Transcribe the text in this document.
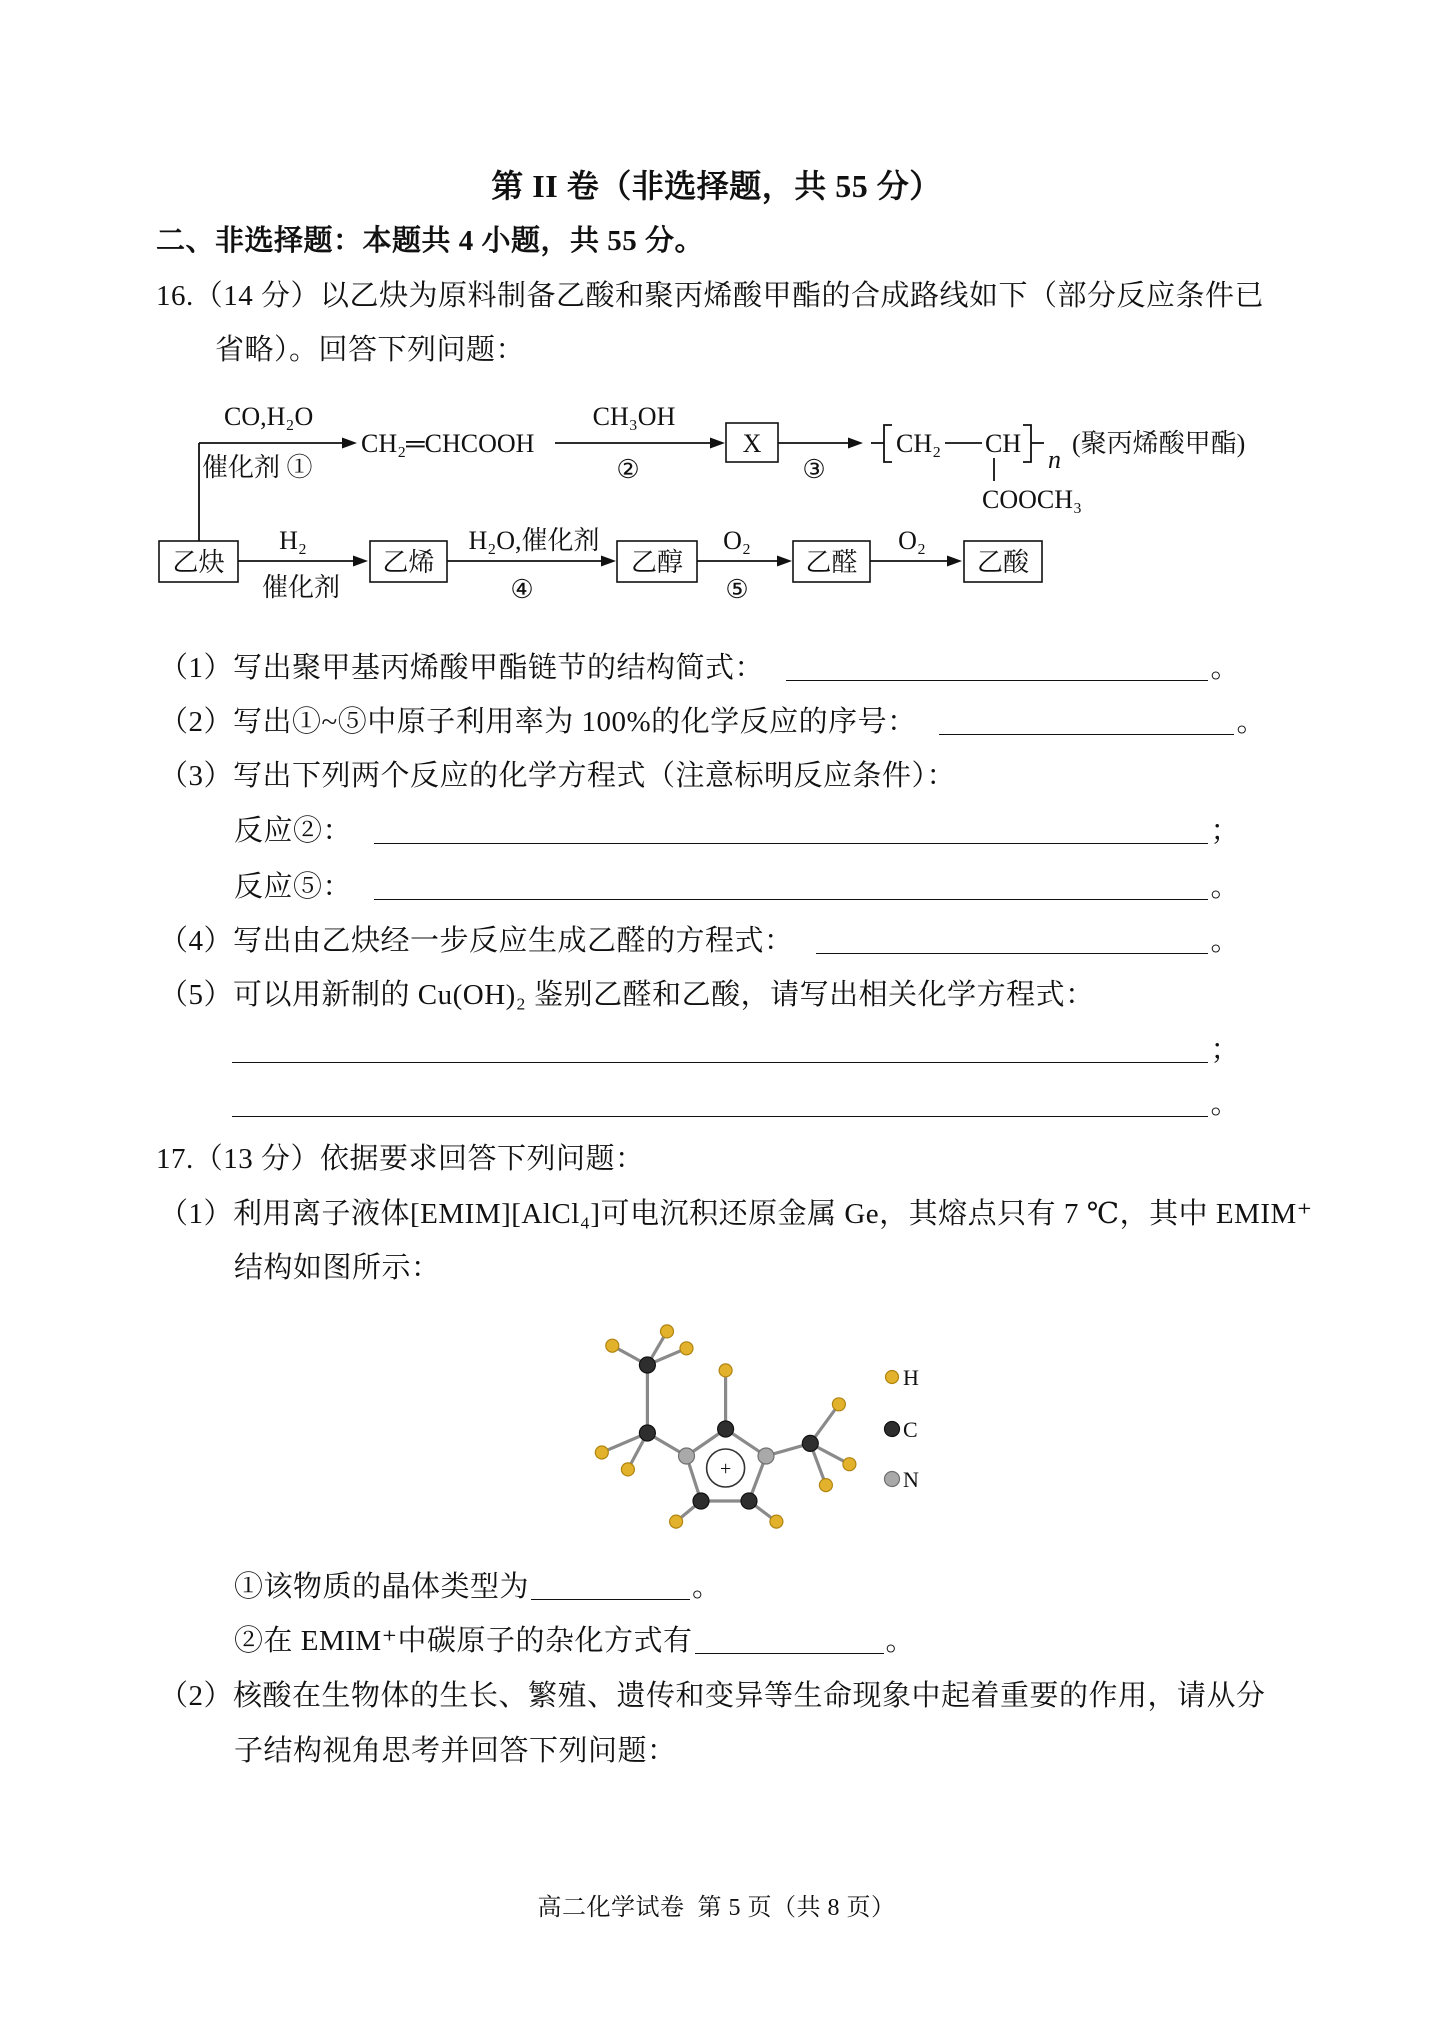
第 II 卷（非选择题，共 55 分）
二、非选择题：本题共 4 小题，共 55 分。
16.（14 分）以乙炔为原料制备乙酸和聚丙烯酸甲酯的合成路线如下（部分反应条件已
省略）。回答下列问题：
CO,H₂O
催化剂 ①
CH₂═CHCOOH
CH₃OH
②
X
③
CH₂ CH
n
COOCH₃
(聚丙烯酸甲酯)
乙炔
H₂
催化剂
乙烯
H₂O,催化剂
④
乙醇
O₂
⑤
乙醛
O₂
乙酸
（1）写出聚甲基丙烯酸甲酯链节的结构简式：	。
（2）写出①~⑤中原子利用率为 100%的化学反应的序号：	。
（3）写出下列两个反应的化学方程式（注意标明反应条件）：
反应②：	；
反应⑤：	。
（4）写出由乙炔经一步反应生成乙醛的方程式：	。
（5）可以用新制的 Cu(OH)₂ 鉴别乙醛和乙酸，请写出相关化学方程式：
；
。
17.（13 分）依据要求回答下列问题：
（1）利用离子液体[EMIM][AlCl₄]可电沉积还原金属 Ge，其熔点只有 7 ℃，其中 EMIM⁺
结构如图所示：
+
H
C
N
①该物质的晶体类型为	。
②在 EMIM⁺中碳原子的杂化方式有	。
（2）核酸在生物体的生长、繁殖、遗传和变异等生命现象中起着重要的作用，请从分
子结构视角思考并回答下列问题：
高二化学试卷  第 5 页（共 8 页）
